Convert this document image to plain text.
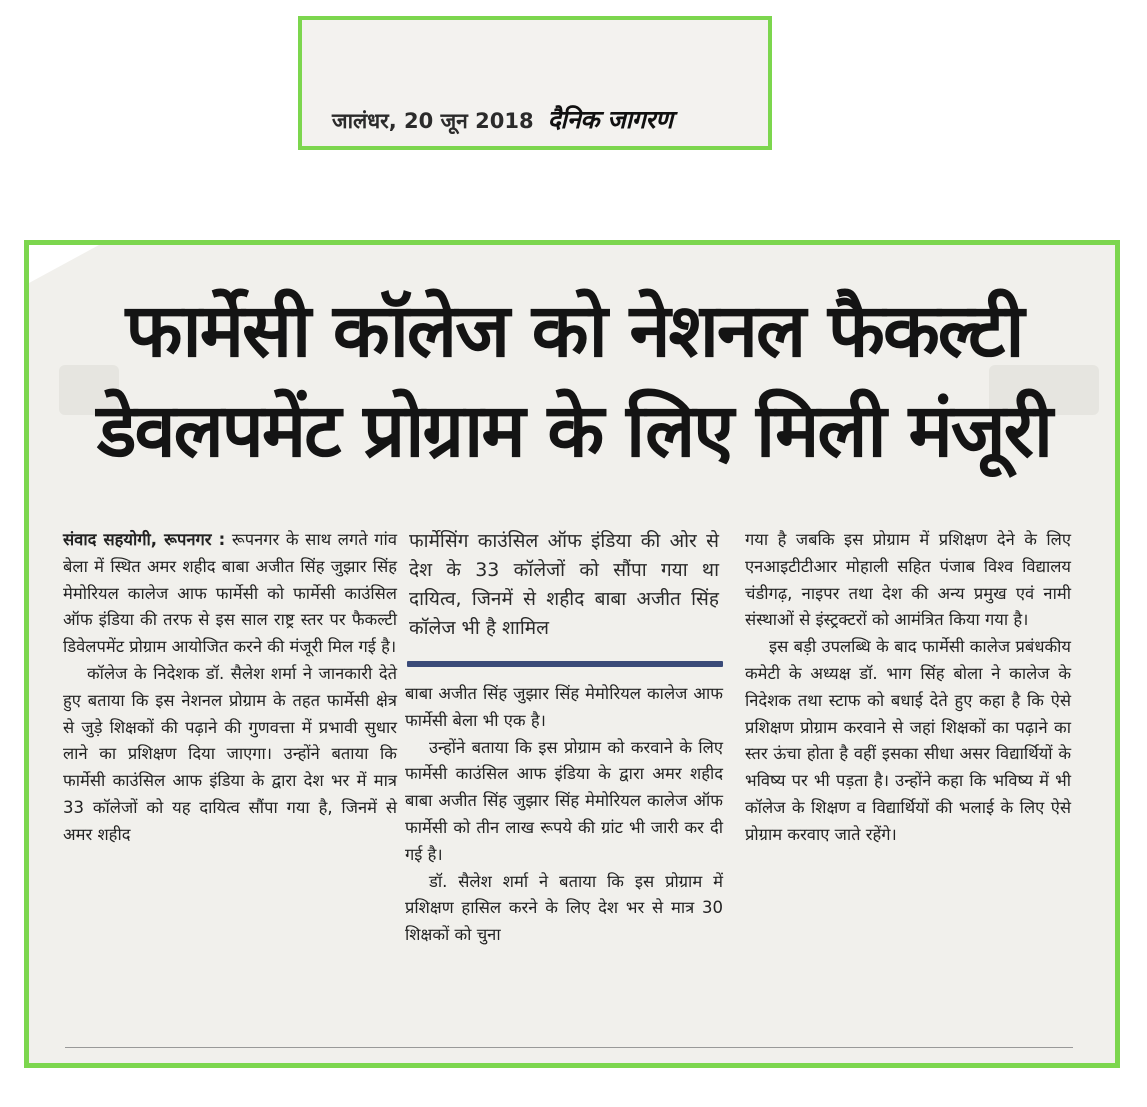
जालंधर, 20 जून 2018 दैनिक जागरण
फार्मेसी कॉलेज को नेशनल फैकल्टी
डेवलपमेंट प्रोग्राम के लिए मिली मंजूरी

संवाद सहयोगी, रूपनगर : रूपनगर के साथ लगते गांव बेला में स्थित अमर शहीद बाबा अजीत सिंह जुझार सिंह मेमोरियल कालेज आफ फार्मेसी को फार्मेसी काउंसिल ऑफ इंडिया की तरफ से इस साल राष्ट्र स्तर पर फैकल्टी डिवेलपमेंट प्रोग्राम आयोजित करने की मंजूरी मिल गई है।

कॉलेज के निदेशक डॉ. सैलेश शर्मा ने जानकारी देते हुए बताया कि इस नेशनल प्रोग्राम के तहत फार्मेसी क्षेत्र से जुड़े शिक्षकों की पढ़ाने की गुणवत्ता में प्रभावी सुधार लाने का प्रशिक्षण दिया जाएगा। उन्होंने बताया कि फार्मेसी काउंसिल आफ इंडिया के द्वारा देश भर में मात्र 33 कॉलेजों को यह दायित्व सौंपा गया है, जिनमें से अमर शहीद

फार्मेसिंग काउंसिल ऑफ इंडिया की ओर से देश के 33 कॉलेजों को सौंपा गया था दायित्व, जिनमें से शहीद बाबा अजीत सिंह कॉलेज भी है शामिल

बाबा अजीत सिंह जुझार सिंह मेमोरियल कालेज आफ फार्मेसी बेला भी एक है।

उन्होंने बताया कि इस प्रोग्राम को करवाने के लिए फार्मेसी काउंसिल आफ इंडिया के द्वारा अमर शहीद बाबा अजीत सिंह जुझार सिंह मेमोरियल कालेज ऑफ फार्मेसी को तीन लाख रूपये की ग्रांट भी जारी कर दी गई है।

डॉ. सैलेश शर्मा ने बताया कि इस प्रोग्राम में प्रशिक्षण हासिल करने के लिए देश भर से मात्र 30 शिक्षकों को चुना

गया है जबकि इस प्रोग्राम में प्रशिक्षण देने के लिए एनआइटीटीआर मोहाली सहित पंजाब विश्व विद्यालय चंडीगढ़, नाइपर तथा देश की अन्य प्रमुख एवं नामी संस्थाओं से इंस्ट्रक्टरों को आमंत्रित किया गया है।

इस बड़ी उपलब्धि के बाद फार्मेसी कालेज प्रबंधकीय कमेटी के अध्यक्ष डॉ. भाग सिंह बोला ने कालेज के निदेशक तथा स्टाफ को बधाई देते हुए कहा है कि ऐसे प्रशिक्षण प्रोग्राम करवाने से जहां शिक्षकों का पढ़ाने का स्तर ऊंचा होता है वहीं इसका सीधा असर विद्यार्थियों के भविष्य पर भी पड़ता है। उन्होंने कहा कि भविष्य में भी कॉलेज के शिक्षण व विद्यार्थियों की भलाई के लिए ऐसे प्रोग्राम करवाए जाते रहेंगे।
